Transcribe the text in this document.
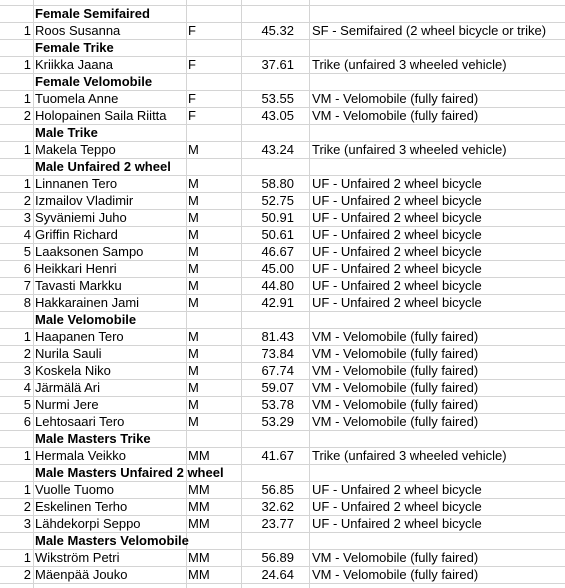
Female Semifaired
1 Roos Susanna	F	45.32 SF - Semifaired (2 wheel bicycle or trike)
Female Trike
1 Kriikka Jaana	F	37.61 Trike (unfaired 3 wheeled vehicle)
Female Velomobile
1 Tuomela Anne	F	53.55 VM - Velomobile (fully faired)
2 Holopainen Saila Riitta	F	43.05 VM - Velomobile (fully faired)
Male Trike
1 Makela Teppo	M	43.24 Trike (unfaired 3 wheeled vehicle)
Male Unfaired 2 wheel
1 Linnanen Tero	M	58.80 UF - Unfaired 2 wheel bicycle
2 Izmailov Vladimir	M	52.75 UF - Unfaired 2 wheel bicycle
3 Syväniemi Juho	M	50.91 UF - Unfaired 2 wheel bicycle
4 Griffin Richard	M	50.61 UF - Unfaired 2 wheel bicycle
5 Laaksonen Sampo	M	46.67 UF - Unfaired 2 wheel bicycle
6 Heikkari Henri	M	45.00 UF - Unfaired 2 wheel bicycle
7 Tavasti Markku	M	44.80 UF - Unfaired 2 wheel bicycle
8 Hakkarainen Jami	M	42.91 UF - Unfaired 2 wheel bicycle
Male Velomobile
1 Haapanen Tero	M	81.43 VM - Velomobile (fully faired)
2 Nurila Sauli	M	73.84 VM - Velomobile (fully faired)
3 Koskela Niko	M	67.74 VM - Velomobile (fully faired)
4 Järmälä Ari	M	59.07 VM - Velomobile (fully faired)
5 Nurmi Jere	M	53.78 VM - Velomobile (fully faired)
6 Lehtosaari Tero	M	53.29 VM - Velomobile (fully faired)
Male Masters Trike
1 Hermala Veikko	MM	41.67 Trike (unfaired 3 wheeled vehicle)
Male Masters Unfaired 2 wheel
1 Vuolle Tuomo	MM	56.85 UF - Unfaired 2 wheel bicycle
2 Eskelinen Terho	MM	32.62 UF - Unfaired 2 wheel bicycle
3 Lähdekorpi Seppo	MM	23.77 UF - Unfaired 2 wheel bicycle
Male Masters Velomobile
1 Wikström Petri	MM	56.89 VM - Velomobile (fully faired)
2 Mäenpää Jouko	MM	24.64 VM - Velomobile (fully faired)
